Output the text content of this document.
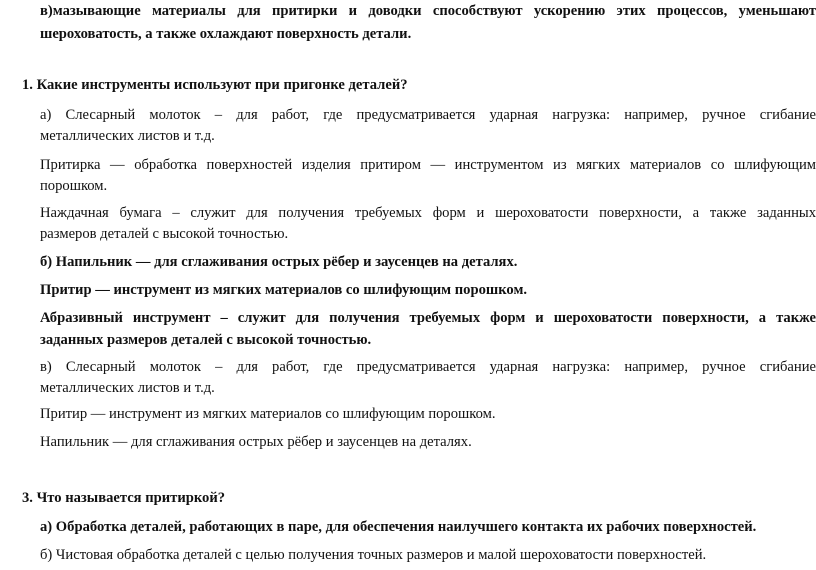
в)мазывающие материалы для притирки и доводки способствуют ускорению этих процессов, уменьшают

шероховатость, а также охлаждают поверхность детали.

1. Какие инструменты используют при пригонке деталей?

а) Слесарный молоток – для работ, где предусматривается ударная нагрузка: например, ручное сгибание

металлических листов и т.д.

Притирка — обработка поверхностей изделия притиром — инструментом из мягких материалов со шлифующим

порошком.

Наждачная бумага – служит для получения требуемых форм и шероховатости поверхности, а также заданных

размеров деталей с высокой точностью.

б) Напильник — для сглаживания острых рёбер и заусенцев на деталях.

Притир — инструмент из мягких материалов со шлифующим порошком.

Абразивный инструмент – служит для получения требуемых форм и шероховатости поверхности, а также

заданных размеров деталей с высокой точностью.

в) Слесарный молоток – для работ, где предусматривается ударная нагрузка: например, ручное сгибание

металлических листов и т.д.

Притир — инструмент из мягких материалов со шлифующим порошком.

Напильник — для сглаживания острых рёбер и заусенцев на деталях.

3. Что называется притиркой?

а) Обработка деталей, работающих в паре, для обеспечения наилучшего контакта их рабочих поверхностей.

б) Чистовая обработка деталей с целью получения точных размеров и малой шероховатости поверхностей.
